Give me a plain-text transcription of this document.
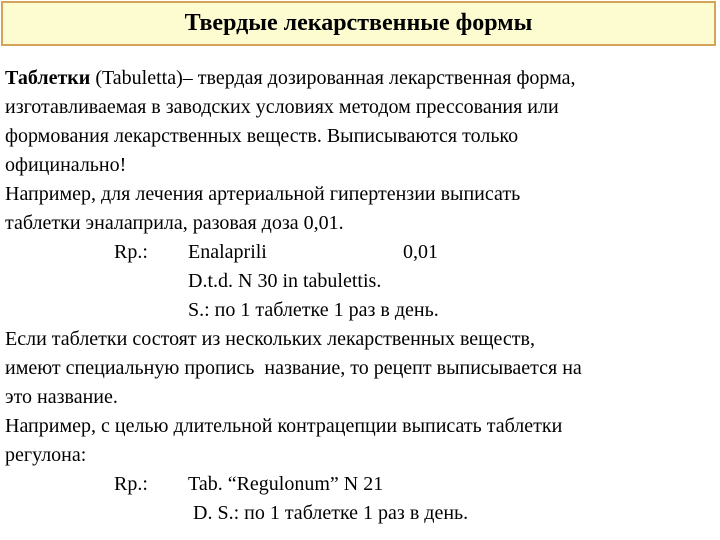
Твердые лекарственные формы
Таблетки (Tabuletta)– твердая дозированная лекарственная форма,
изготавливаемая в заводских условиях методом прессования или
формования лекарственных веществ. Выписываются только
официнально!
Например, для лечения артериальной гипертензии выписать
таблетки эналаприла, разовая доза 0,01.

Rp.:

Enalaprili

	0,01

D.t.d. N 30 in tabulettis.

S.: по 1 таблетке 1 раз в день.

Если таблетки состоят из нескольких лекарственных веществ,
имеют специальную пропись  название, то рецепт выписывается на
это название.
Например, с целью длительной контрацепции выписать таблетки
регулона:

Rp.:

Tab. “Regulonum” N 21

D. S.: по 1 таблетке 1 раз в день.
